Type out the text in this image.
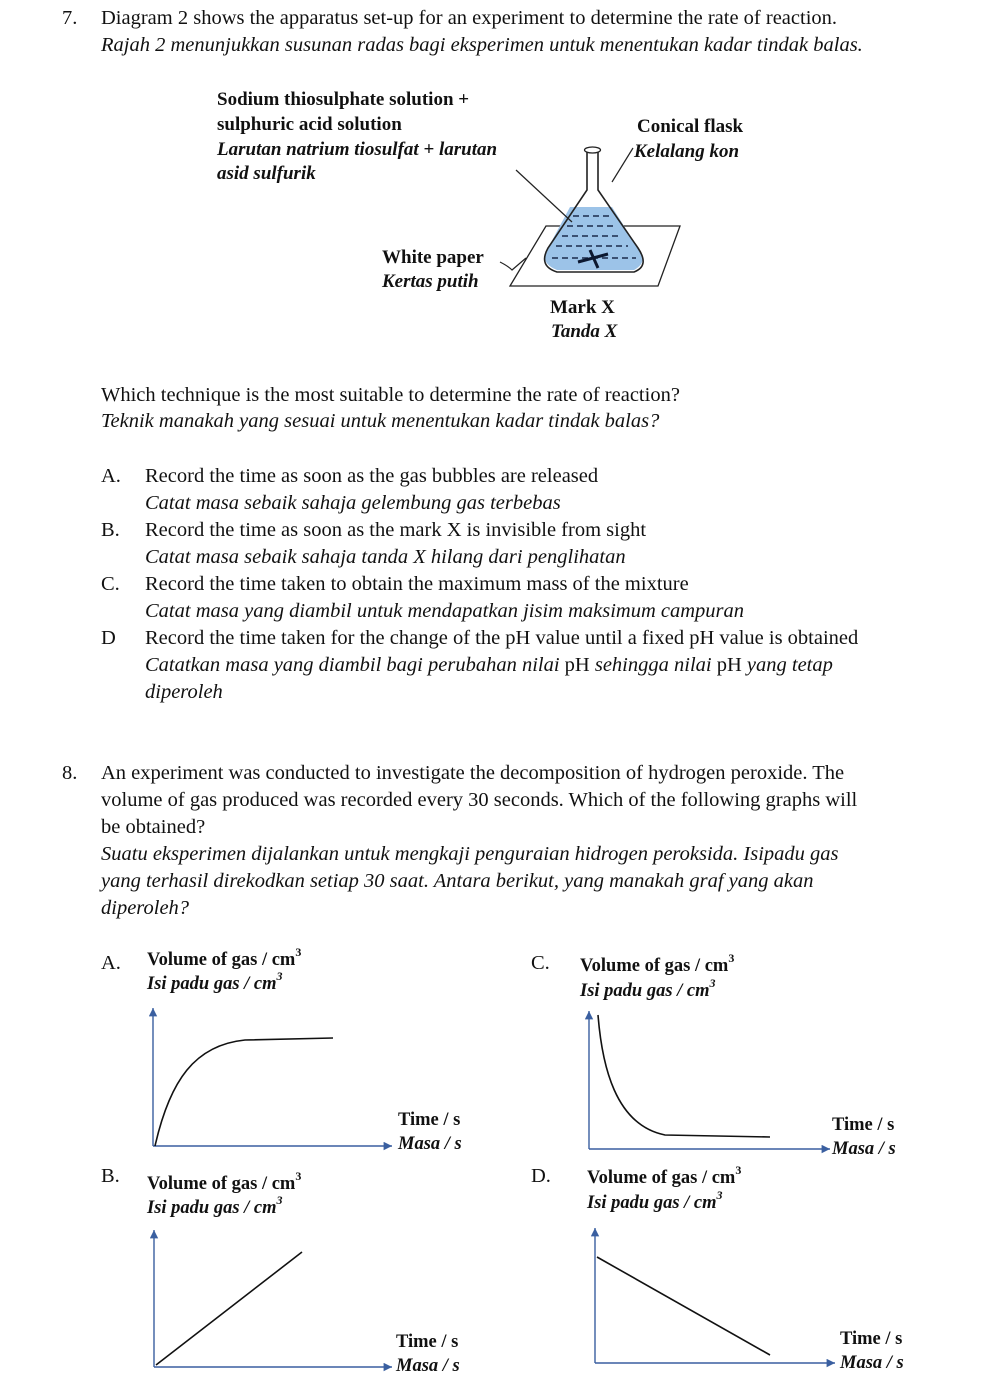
7. Diagram 2 shows the apparatus set-up for an experiment to determine the rate of reaction.
Rajah 2 menunjukkan susunan radas bagi eksperimen untuk menentukan kadar tindak balas.
Sodium thiosulphate solution +
sulphuric acid solution
Larutan natrium tiosulfat + larutan
asid sulfurik
Conical flask
Kelalang kon
White paper
Kertas putih
Mark X
Tanda X
Which technique is the most suitable to determine the rate of reaction?
Teknik manakah yang sesuai untuk menentukan kadar tindak balas?
A. Record the time as soon as the gas bubbles are released
Catat masa sebaik sahaja gelembung gas terbebas
B. Record the time as soon as the mark X is invisible from sight
Catat masa sebaik sahaja tanda X hilang dari penglihatan
C. Record the time taken to obtain the maximum mass of the mixture
Catat masa yang diambil untuk mendapatkan jisim maksimum campuran
D Record the time taken for the change of the pH value until a fixed pH value is obtained
Catatkan masa yang diambil bagi perubahan nilai pH sehingga nilai pH yang tetap
diperoleh
8. An experiment was conducted to investigate the decomposition of hydrogen peroxide. The
volume of gas produced was recorded every 30 seconds. Which of the following graphs will
be obtained?
Suatu eksperimen dijalankan untuk mengkaji penguraian hidrogen peroksida. Isipadu gas
yang terhasil direkodkan setiap 30 saat. Antara berikut, yang manakah graf yang akan
diperoleh?
A. Volume of gas / $cm^3$
Isi padu gas / $cm^3$
Time / s
Masa / s
C. Volume of gas / $cm^3$
Isi padu gas / $cm^3$
Time / s
Masa / s
B. Volume of gas / $cm^3$
Isi padu gas / $cm^3$
Time / s
Masa / s
D. Volume of gas / $cm^3$
Isi padu gas / $cm^3$
Time / s
Masa / s
